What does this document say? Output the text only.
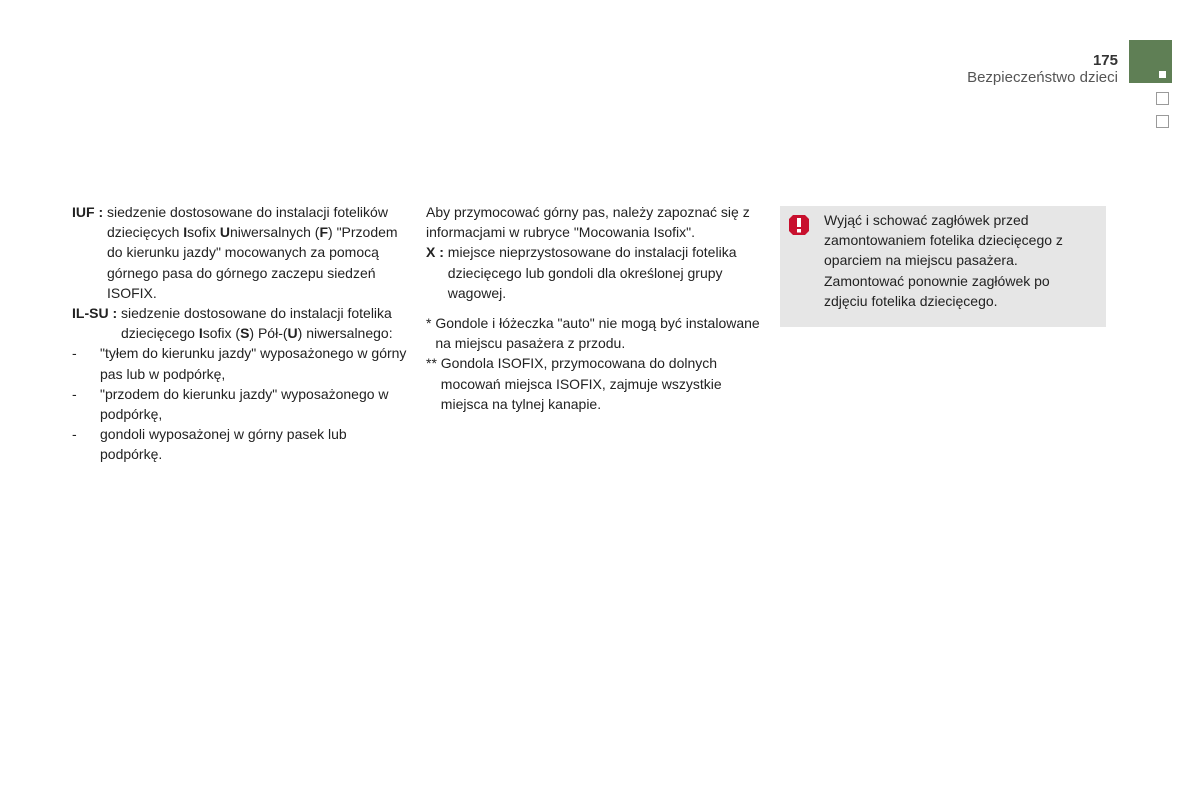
175
Bezpieczeństwo dzieci
IUF : siedzenie dostosowane do instalacji fotelików dziecięcych Isofix Uniwersalnych (F) "Przodem do kierunku jazdy" mocowanych za pomocą górnego pasa do górnego zaczepu siedzeń ISOFIX.
IL-SU : siedzenie dostosowane do instalacji fotelika dziecięcego Isofix (S) Pół-(U) niwersalnego:
-	"tyłem do kierunku jazdy" wyposażonego w górny pas lub w podpórkę,
-	"przodem do kierunku jazdy" wyposażonego w podpórkę,
-	gondoli wyposażonej w górny pasek lub podpórkę.
Aby przymocować górny pas, należy zapoznać się z informacjami w rubryce "Mocowania Isofix".
X : miejsce nieprzystosowane do instalacji fotelika dziecięcego lub gondoli dla określonej grupy wagowej.
* Gondole i łóżeczka "auto" nie mogą być instalowane na miejscu pasażera z przodu.
** Gondola ISOFIX, przymocowana do dolnych mocowań miejsca ISOFIX, zajmuje wszystkie miejsca na tylnej kanapie.
Wyjąć i schować zagłówek przed zamontowaniem fotelika dziecięcego z oparciem na miejscu pasażera. Zamontować ponownie zagłówek po zdjęciu fotelika dziecięcego.
